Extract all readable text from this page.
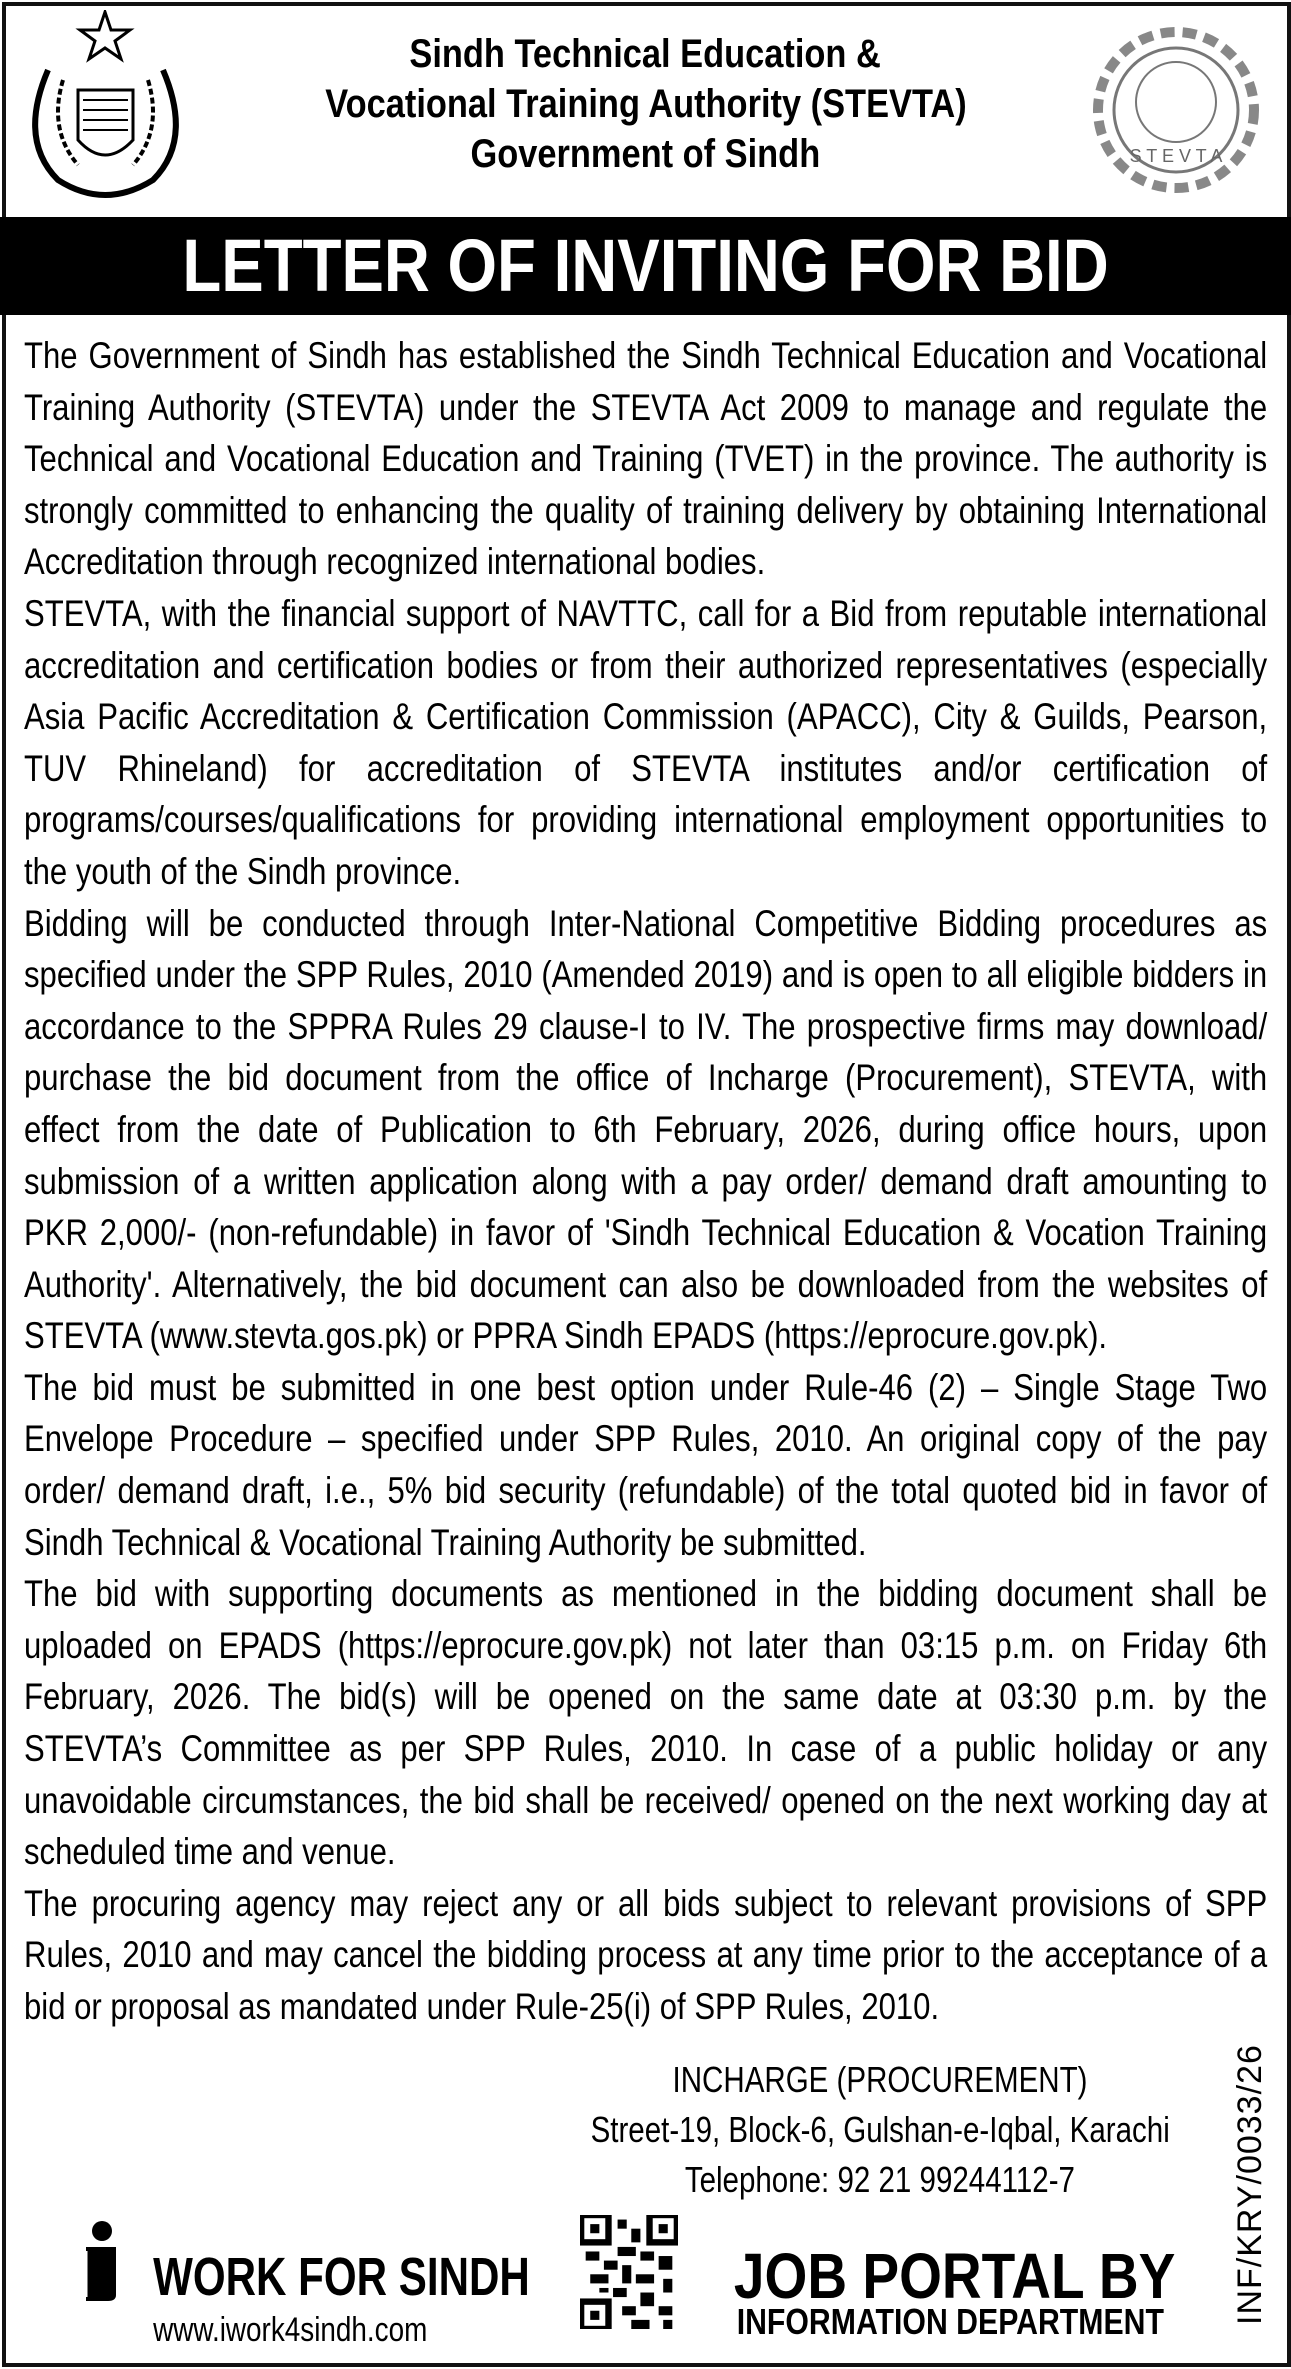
Sindh Technical Education &
Vocational Training Authority (STEVTA)
Government of Sindh	S T E V T A
LETTER OF INVITING FOR BID

The Government of Sindh has established the Sindh Technical Education and Vocational Training Authority (STEVTA) under the STEVTA Act 2009 to manage and regulate the Technical and Vocational Education and Training (TVET) in the province. The authority is strongly committed to enhancing the quality of training delivery by obtaining International Accreditation through recognized international bodies.

STEVTA, with the financial support of NAVTTC, call for a Bid from reputable international accreditation and certification bodies or from their authorized representatives (especially Asia Pacific Accreditation & Certification Commission (APACC), City & Guilds, Pearson, TUV Rhineland) for accreditation of STEVTA institutes and/or certification of programs/courses/qualifications for providing international employment opportunities to the youth of the Sindh province.

Bidding will be conducted through Inter-National Competitive Bidding procedures as specified under the SPP Rules, 2010 (Amended 2019) and is open to all eligible bidders in accordance to the SPPRA Rules 29 clause-I to IV. The prospective firms may download/ purchase the bid document from the office of Incharge (Procurement), STEVTA, with effect from the date of Publication to 6th February, 2026, during office hours, upon submission of a written application along with a pay order/ demand draft amounting to PKR 2,000/- (non-refundable) in favor of 'Sindh Technical Education & Vocation Training Authority'. Alternatively, the bid document can also be downloaded from the websites of STEVTA (www.stevta.gos.pk) or PPRA Sindh EPADS (https://eprocure.gov.pk).

The bid must be submitted in one best option under Rule-46 (2) – Single Stage Two Envelope Procedure – specified under SPP Rules, 2010. An original copy of the pay order/ demand draft, i.e., 5% bid security (refundable) of the total quoted bid in favor of Sindh Technical & Vocational Training Authority be submitted.

The bid with supporting documents as mentioned in the bidding document shall be uploaded on EPADS (https://eprocure.gov.pk) not later than 03:15 p.m. on Friday 6th February, 2026. The bid(s) will be opened on the same date at 03:30 p.m. by the STEVTA’s Committee as per SPP Rules, 2010. In case of a public holiday or any unavoidable circumstances, the bid shall be received/ opened on the next working day at scheduled time and venue.

The procuring agency may reject any or all bids subject to relevant provisions of SPP Rules, 2010 and may cancel the bidding process at any time prior to the acceptance of a bid or proposal as mandated under Rule-25(i) of SPP Rules, 2010.

INCHARGE (PROCUREMENT)
Street-19, Block-6, Gulshan-e-Iqbal, Karachi
Telephone: 92 21 99244112-7	INF/KRY/0033/26
WORK FOR SINDH
www.iwork4sindh.com
JOB PORTAL BY
INFORMATION DEPARTMENT
